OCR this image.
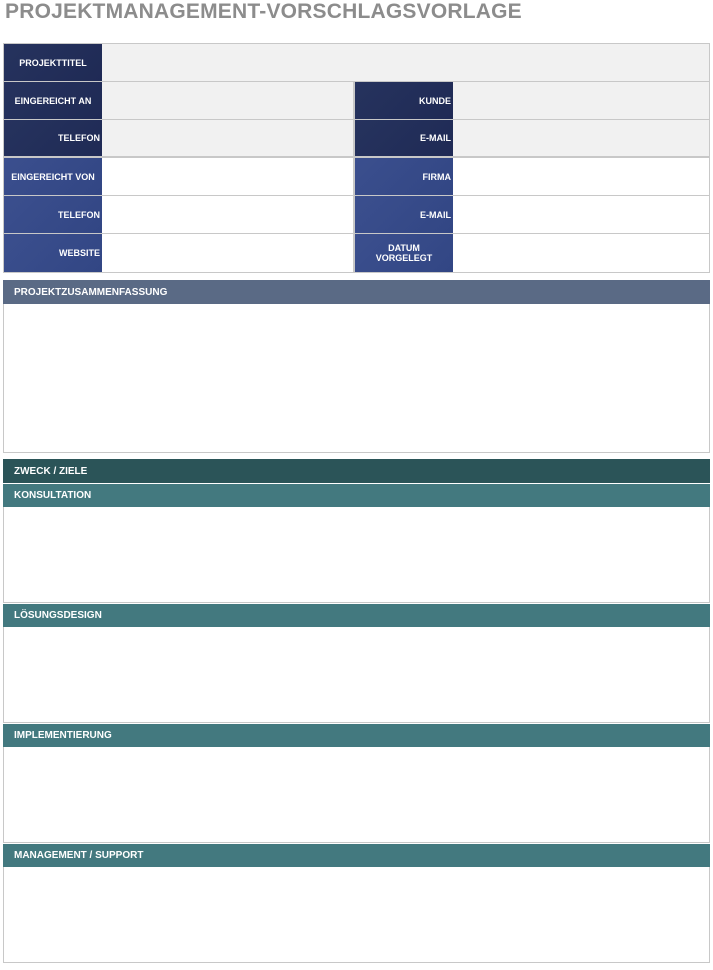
PROJEKTMANAGEMENT-VORSCHLAGSVORLAGE
PROJEKTTITEL
EINGEREICHT AN	KUNDE
TELEFON	E-MAIL
EINGEREICHT VON	FIRMA
TELEFON	E-MAIL
WEBSITE	DATUM VORGELEGT
PROJEKTZUSAMMENFASSUNG
ZWECK / ZIELE
KONSULTATION
LÖSUNGSDESIGN
IMPLEMENTIERUNG
MANAGEMENT / SUPPORT
